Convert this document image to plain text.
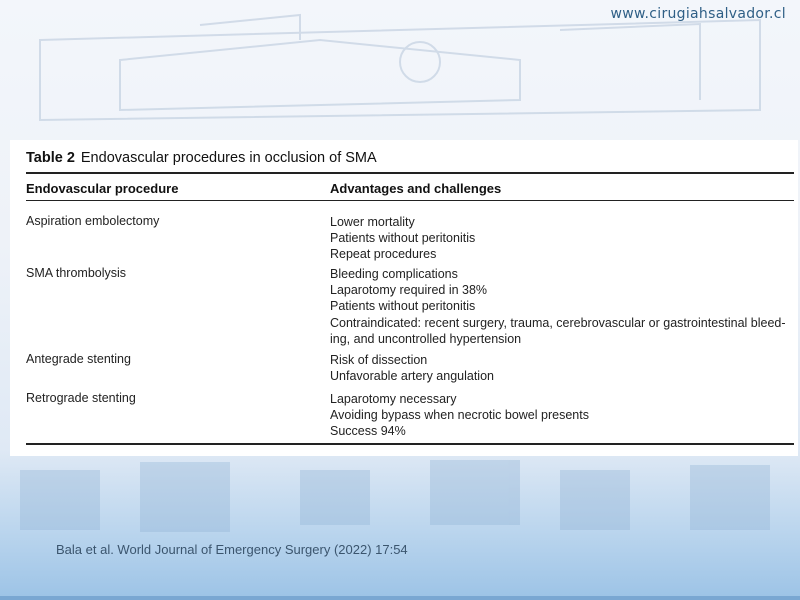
www.cirugiahsalvador.cl
Table 2 Endovascular procedures in occlusion of SMA
Endovascular procedure	Advantages and challenges
Aspiration embolectomy	Lower mortality
Patients without peritonitis
Repeat procedures
SMA thrombolysis	Bleeding complications
Laparotomy required in 38%
Patients without peritonitis
Contraindicated: recent surgery, trauma, cerebrovascular or gastrointestinal bleed-
ing, and uncontrolled hypertension
Antegrade stenting	Risk of dissection
Unfavorable artery angulation
Retrograde stenting	Laparotomy necessary
Avoiding bypass when necrotic bowel presents
Success 94%
Bala et al. World Journal of Emergency Surgery (2022) 17:54
